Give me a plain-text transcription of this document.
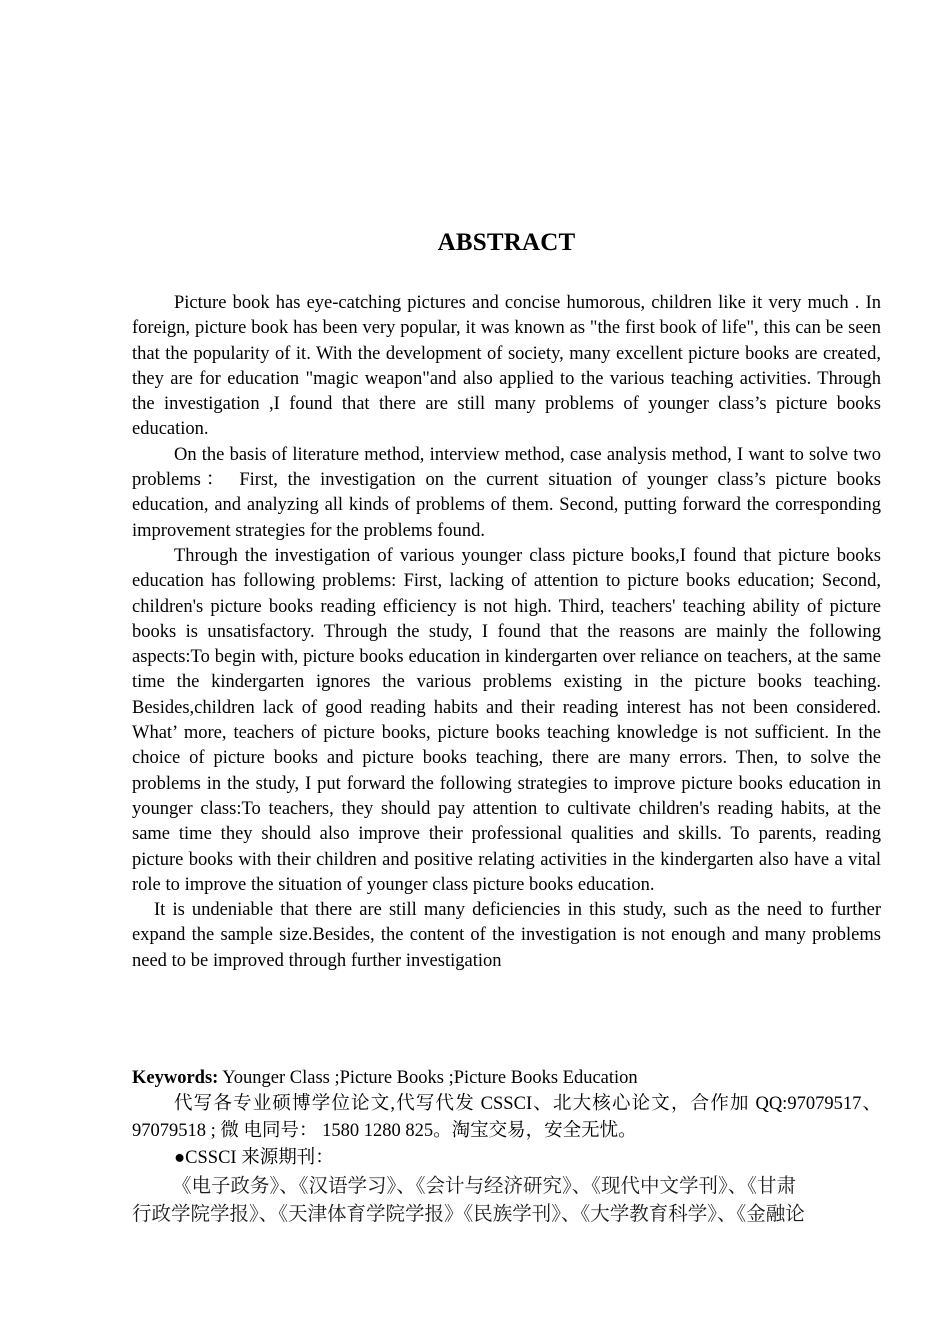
ABSTRACT

Picture book has eye-catching pictures and concise humorous, children like it very much . In foreign, picture book has been very popular, it was known as "the first book of life", this can be seen that the popularity of it. With the development of society, many excellent picture books are created, they are for education "magic weapon"and also applied to the various teaching activities. Through the investigation ,I found that there are still many problems of younger class’s picture books education.

On the basis of literature method, interview method, case analysis method, I want to solve two problems： First, the investigation on the current situation of younger class’s picture books education, and analyzing all kinds of problems of them. Second, putting forward the corresponding improvement strategies for the problems found.

Through the investigation of various younger class picture books,I found that picture books education has following problems: First, lacking of attention to picture books education; Second, children's picture books reading efficiency is not high. Third, teachers' teaching ability of picture books is unsatisfactory. Through the study, I found that the reasons are mainly the following aspects:To begin with, picture books education in kindergarten over reliance on teachers, at the same time the kindergarten ignores the various problems existing in the picture books teaching. Besides,children lack of good reading habits and their reading interest has not been considered. What’ more, teachers of picture books, picture books teaching knowledge is not sufficient. In the choice of picture books and picture books teaching, there are many errors. Then, to solve the problems in the study, I put forward the following strategies to improve picture books education in younger class:To teachers, they should pay attention to cultivate children's reading habits, at the same time they should also improve their professional qualities and skills. To parents, reading picture books with their children and positive relating activities in the kindergarten also have a vital role to improve the situation of younger class picture books education.

It is undeniable that there are still many deficiencies in this study, such as the need to further expand the sample size.Besides, the content of the investigation is not enough and many problems need to be improved through further investigation

Keywords: Younger Class ;Picture Books ;Picture Books Education

代写各专业硕博学位论文,代写代发 CSSCI、北大核心论文，合作加 QQ:97079517、97079518 ; 微 电同号： 1580 1280 825。淘宝交易，安全无忧。

●CSSCI 来源期刊：

《电子政务》、《汉语学习》、《会计与经济研究》、《现代中文学刊》、《甘肃
行政学院学报》、《天津体育学院学报》《民族学刊》、《大学教育科学》、《金融论
